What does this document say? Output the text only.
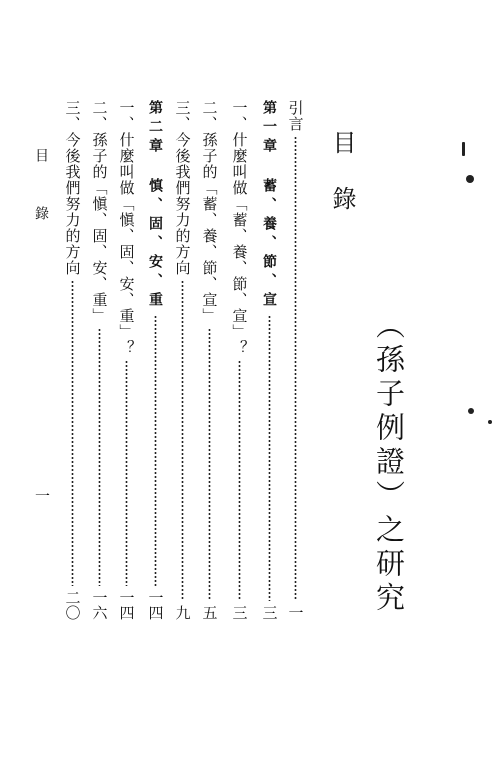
（孫子例證）之研究
目錄
引言
一
第一章 蓄、養、節、宣
三
一、什麼叫做「蓄、養、節、宣」？
三
二、孫子的「蓄、養、節、宣」
五
三、今後我們努力的方向
九
第二章 慎、固、安、重
一四
一、什麼叫做「愼、固、安、重」？
一四
二、孫子的「愼、固、安、重」
一六
三、今後我們努力的方向
二〇
目錄
一
